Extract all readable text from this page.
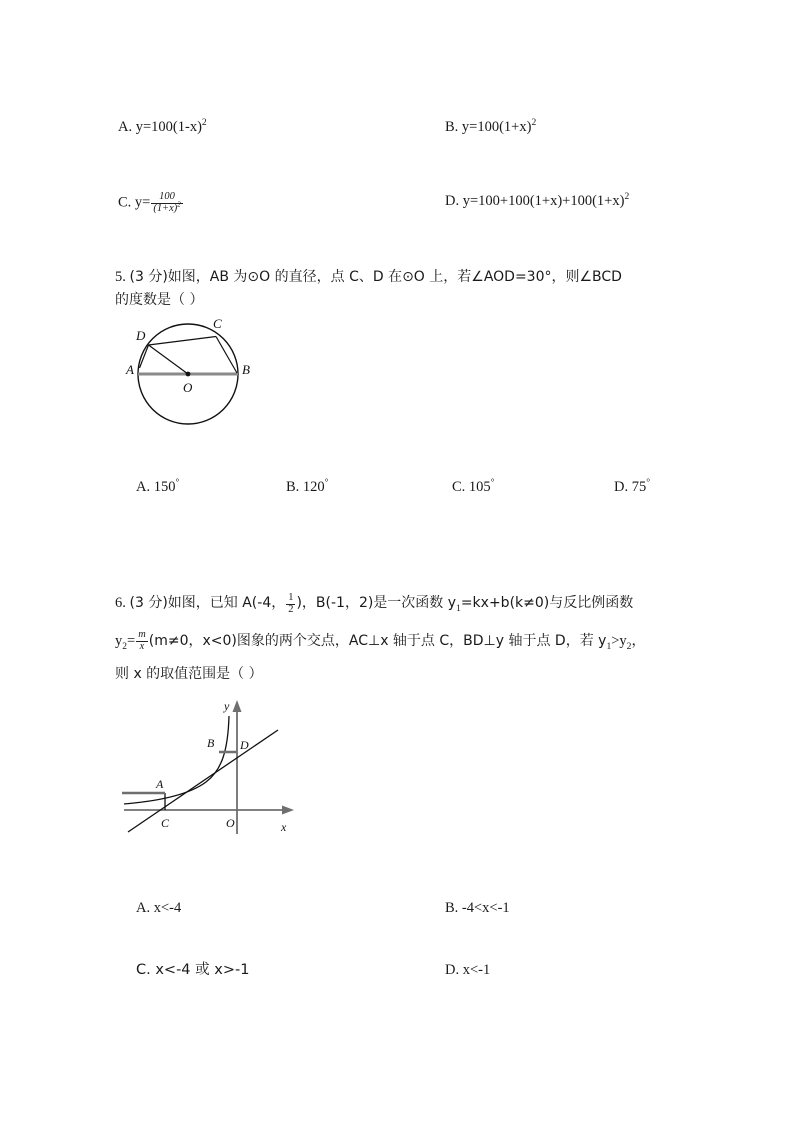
A. $y=100(1-x)^2$	B. $y=100(1+x)^2$
C. $y= \frac{100}{(1+x)^2}$	D. $y=100+100(1+x)+100(1+x)^2$
5. (3 分)如图，AB 为⊙O 的直径，点 C、D 在⊙O 上，若∠AOD=30°，则∠BCD
的度数是（ ）
A	B
C
D
O
A. 150°	B. 120°	C. 105°	D. 75°
6. (3 分)如图，已知 A(-4， $\frac{1}{2}$ )，B(-1，2)是一次函数 $y_1=kx+b(k\ne 0)$与反比例函数
$y_2= \frac{m}{x} (m\ne 0$，x<0)图象的两个交点，AC⊥x 轴于点 C，BD⊥y 轴于点 D，若 $y_1>y_2$，
则 x 的取值范围是（ ）
A
B
C
D
O	x
y
A. x<-4	B. -4<x<-1
C. x<-4 或 x>-1	D. x<-1
